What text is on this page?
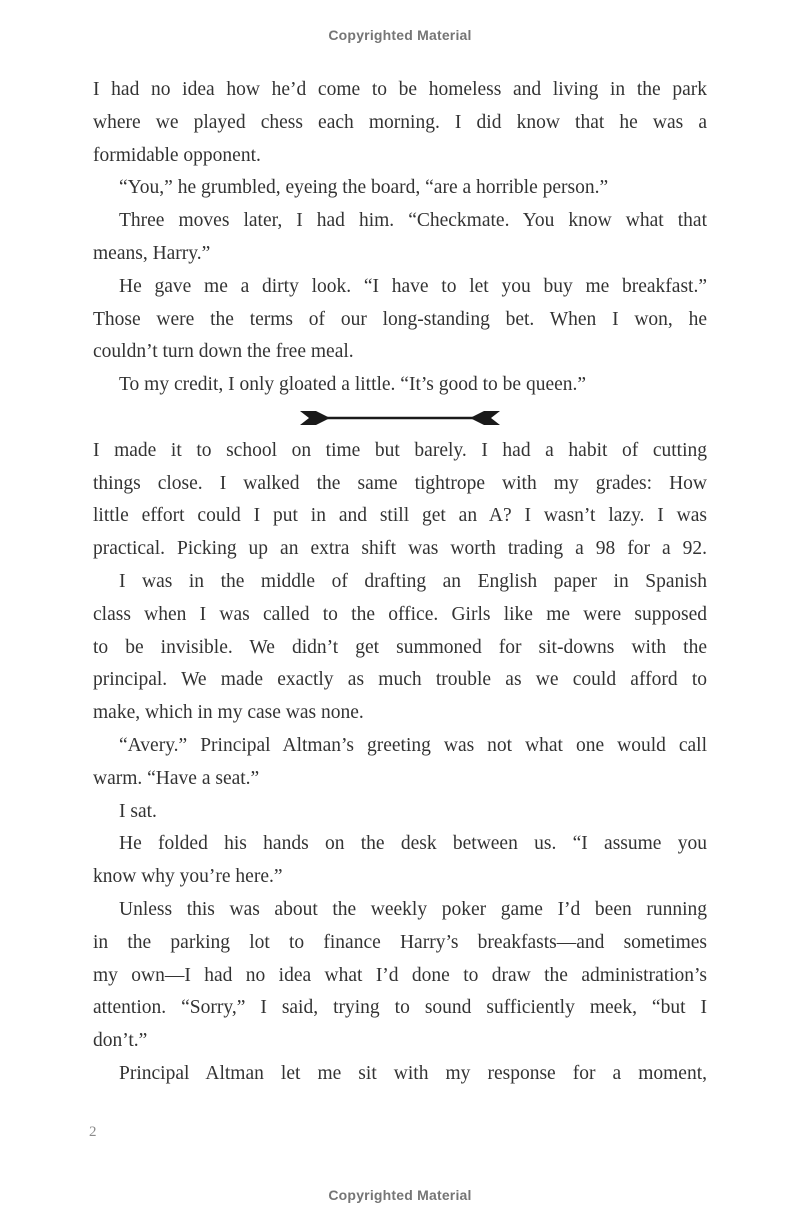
Copyrighted Material
I had no idea how he’d come to be homeless and living in the park
where we played chess each morning. I did know that he was a
formidable opponent.
“You,” he grumbled, eyeing the board, “are a horrible person.”
Three moves later, I had him. “Checkmate. You know what that
means, Harry.”
He gave me a dirty look. “I have to let you buy me breakfast.”
Those were the terms of our long-standing bet. When I won, he
couldn’t turn down the free meal.
To my credit, I only gloated a little. “It’s good to be queen.”
I made it to school on time but barely. I had a habit of cutting
things close. I walked the same tightrope with my grades: How
little effort could I put in and still get an A? I wasn’t lazy. I was
practical. Picking up an extra shift was worth trading a 98 for a 92.
I was in the middle of drafting an English paper in Spanish
class when I was called to the office. Girls like me were supposed
to be invisible. We didn’t get summoned for sit-downs with the
principal. We made exactly as much trouble as we could afford to
make, which in my case was none.
“Avery.” Principal Altman’s greeting was not what one would call
warm. “Have a seat.”
I sat.
He folded his hands on the desk between us. “I assume you
know why you’re here.”
Unless this was about the weekly poker game I’d been running
in the parking lot to finance Harry’s breakfasts—and sometimes
my own—I had no idea what I’d done to draw the administration’s
attention. “Sorry,” I said, trying to sound sufficiently meek, “but I
don’t.”
Principal Altman let me sit with my response for a moment,
2
Copyrighted Material
